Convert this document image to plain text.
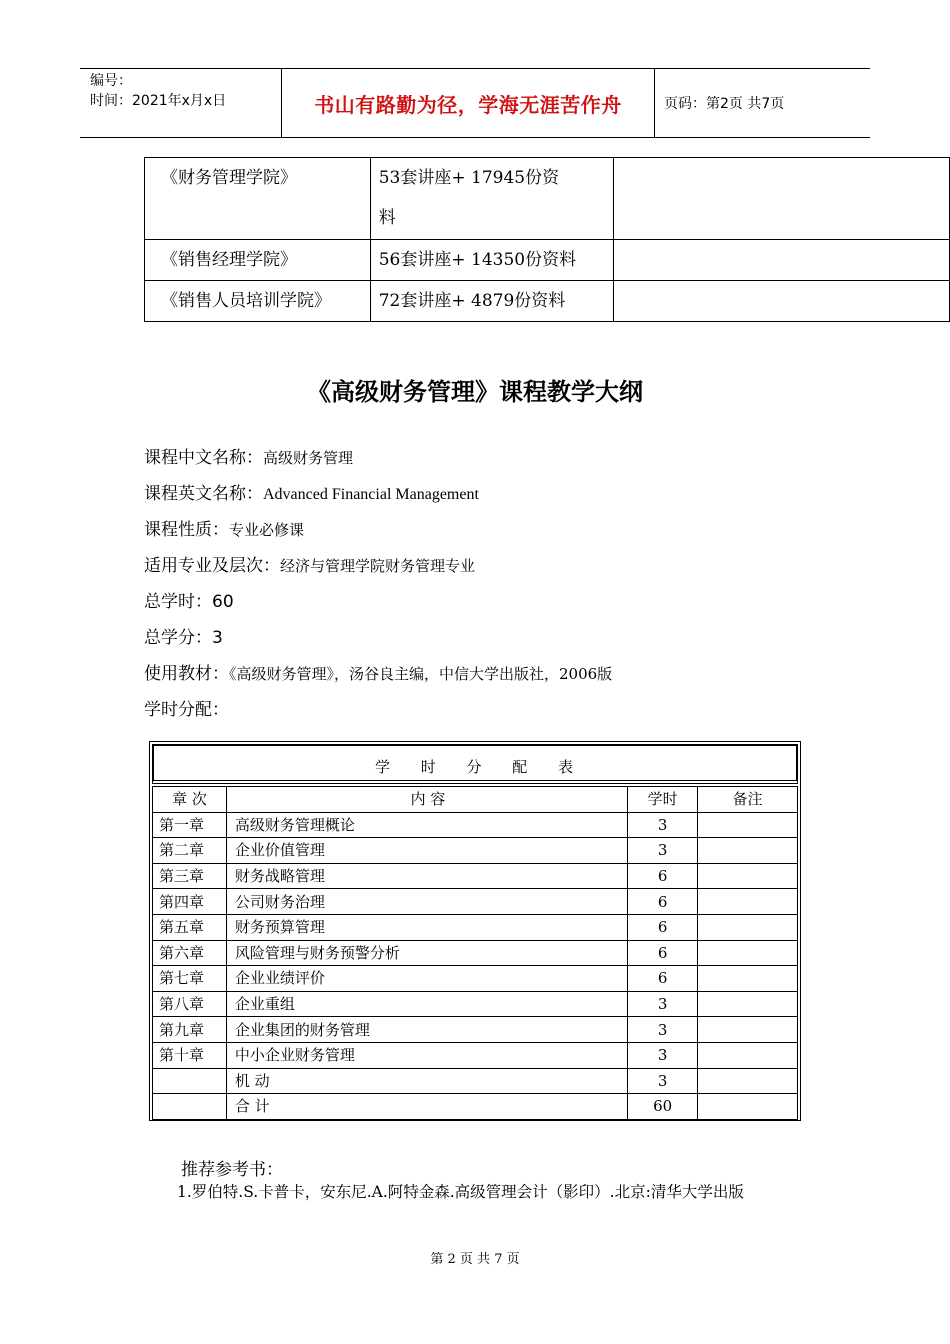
编号：
时间：2021年x月x日	书山有路勤为径，学海无涯苦作舟	页码：第2页 共7页
《财务管理学院》	53套讲座+ 17945份资
料	

《销售经理学院》	56套讲座+ 14350份资料	
《销售人员培训学院》	72套讲座+ 4879份资料	
《高级财务管理》课程教学大纲
课程中文名称：高级财务管理
课程英文名称：Advanced Financial Management
课程性质：专业必修课
适用专业及层次：经济与管理学院财务管理专业
总学时：60
总学分：3
使用教材：《高级财务管理》，汤谷良主编，中信大学出版社，2006版
学时分配：
学 时 分 配 表
章 次	内 容	学时	备注
第一章	高级财务管理概论	3	
第二章	企业价值管理	3	
第三章	财务战略管理	6	
第四章	公司财务治理	6	
第五章	财务预算管理	6	
第六章	风险管理与财务预警分析	6	
第七章	企业业绩评价	6	
第八章	企业重组	3	
第九章	企业集团的财务管理	3	
第十章	中小企业财务管理	3	
	机 动	3	
	合 计	60	
推荐参考书：
1.罗伯特.S.卡普卡，安东尼.A.阿特金森.高级管理会计（影印）.北京:清华大学出版
第 2 页 共 7 页
